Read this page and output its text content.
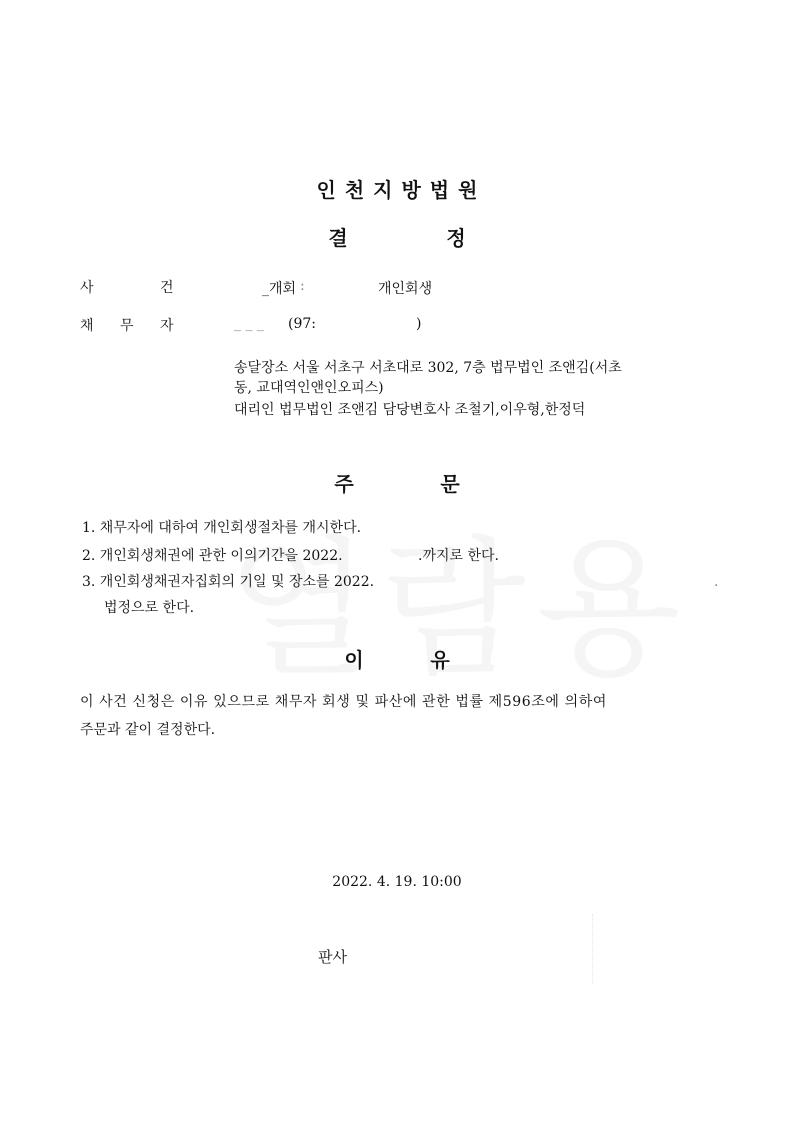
인천지방법원
결	정
사	건	_개회 :	개인회생
채 무 자	_ _ _ (97:	)
송달장소 서울 서초구 서초대로 302, 7층 법무법인 조앤김(서초
동, 교대역인앤인오피스)
대리인 법무법인 조앤김 담당변호사 조철기,이우형,한정덕
주	문
1. 채무자에 대하여 개인회생절차를 개시한다.
2. 개인회생채권에 관한 이의기간을 2022.	.까지로 한다.
3. 개인회생채권자집회의 기일 및 장소를 2022.	.
법정으로 한다.
이	유
이 사건 신청은 이유 있으므로 채무자 회생 및 파산에 관한 법률 제596조에 의하여
주문과 같이 결정한다.
2022. 4. 19. 10:00
판사
